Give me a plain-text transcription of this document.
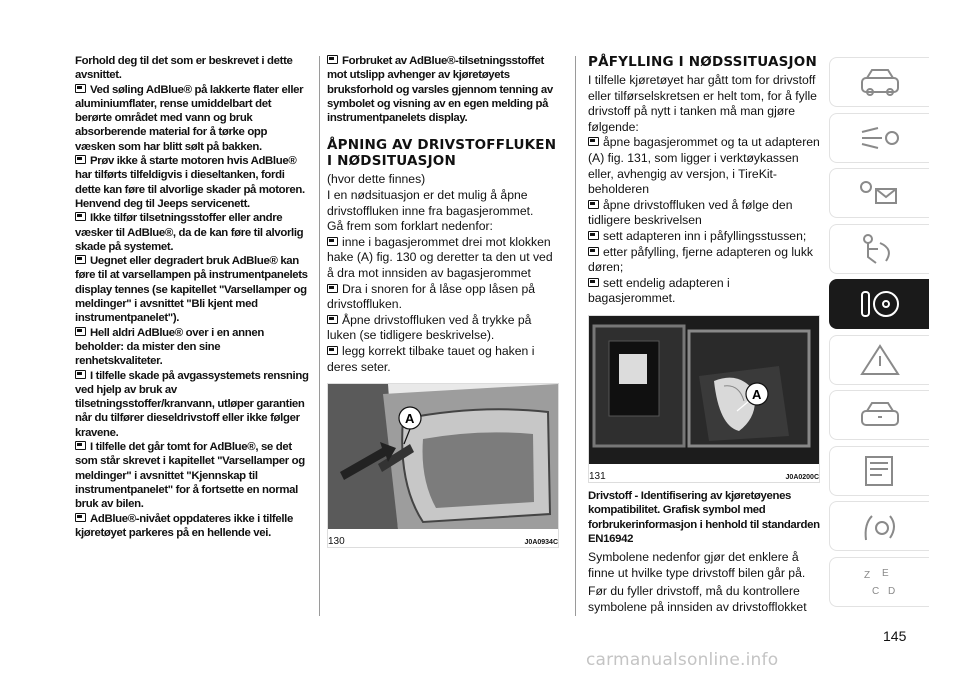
Forhold deg til det som er beskrevet i dette avsnittet.

Ved søling AdBlue® på lakkerte flater eller aluminiumflater, rense umiddelbart det berørte området med vann og bruk absorberende material for å tørke opp væsken som har blitt sølt på bakken.

Prøv ikke å starte motoren hvis AdBlue® har tilførts tilfeldigvis i dieseltanken, fordi dette kan føre til alvorlige skader på motoren. Henvend deg til Jeeps servicenett.

Ikke tilfør tilsetningsstoffer eller andre væsker til AdBlue®, da de kan føre til alvorlig skade på systemet.

Uegnet eller degradert bruk AdBlue® kan føre til at varsellampen på instrumentpanelets display tennes (se kapitellet "Varsellamper og meldinger" i avsnittet "Bli kjent med instrumentpanelet").

Hell aldri AdBlue® over i en annen beholder: da mister den sine renhetskvaliteter.

I tilfelle skade på avgassystemets rensning ved hjelp av bruk av tilsetningsstoffer/kranvann, utløper garantien når du tilfører dieseldrivstoff eller ikke følger kravene.

I tilfelle det går tomt for AdBlue®, se det som står skrevet i kapitellet "Varsellamper og meldinger" i avsnittet "Kjennskap til instrumentpanelet" for å fortsette en normal bruk av bilen.

AdBlue®-nivået oppdateres ikke i tilfelle kjøretøyet parkeres på en hellende vei.

Forbruket av AdBlue®-tilsetningsstoffet mot utslipp avhenger av kjøretøyets bruksforhold og varsles gjennom tenning av symbolet og visning av en egen melding på instrumentpanelets display.

ÅPNING AV DRIVSTOFFLUKEN I NØDSITUASJON

(hvor dette finnes)

I en nødsituasjon er det mulig å åpne drivstoffluken inne fra bagasjerommet.

Gå frem som forklart nedenfor:

inne i bagasjerommet drei mot klokken hake (A) fig. 130 og deretter ta den ut ved å dra mot innsiden av bagasjerommet

Dra i snoren for å låse opp låsen på drivstoffluken.

Åpne drivstoffluken ved å trykke på luken (se tidligere beskrivelse).

legg korrekt tilbake tauet og haken i deres seter.

A
130	J0A0934C
PÅFYLLING I NØDSSITUASJON

I tilfelle kjøretøyet har gått tom for drivstoff eller tilførselskretsen er helt tom, for å fylle drivstoff på nytt i tanken må man gjøre følgende:

åpne bagasjerommet og ta ut adapteren (A) fig. 131, som ligger i verktøykassen eller, avhengig av versjon, i TireKit-beholderen

åpne drivstoffluken ved å følge den tidligere beskrivelsen

sett adapteren inn i påfyllingsstussen;

etter påfylling, fjerne adapteren og lukk døren;

sett endelig adapteren i bagasjerommet.

A
131	J0A0200C

Drivstoff - Identifisering av kjøretøyenes kompatibilitet. Grafisk symbol med forbrukerinformasjon i henhold til standarden EN16942

Symbolene nedenfor gjør det enklere å finne ut hvilke type drivstoff bilen går på.

Før du fyller drivstoff, må du kontrollere symbolene på innsiden av drivstofflokket

Z E
C D
145
carmanualsonline.info
